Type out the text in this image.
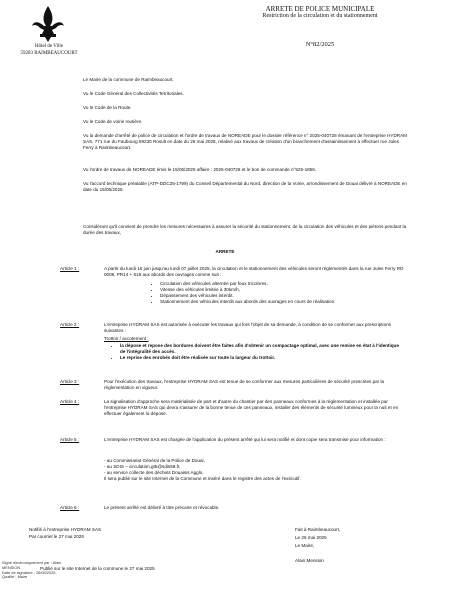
Hôtel de Ville
59283 RAIMBEAUCOURT
ARRETE DE POLICE MUNICIPALE
Restriction de la circulation et du stationnement
N°82/2025
Le Maire de la commune de Raimbeaucourt.
Vu le Code Général des Collectivités Territoriales.
Vu le Code de la Route.
Vu le Code de voirie routière.
Vu la demande d'arrêté de police de circulation et l'ordre de travaux de NOREADE pour le dossier référence n° 2025-040728 émanant de l'entreprise HYDRAM SAS, 771 rue du Faubourg 59230 Rosult en date du 26 mai 2025, relative aux travaux de création d'un branchement d'assainissement à effectuer rue Jules Ferry à Raimbeaucourt.
Vu l'ordre de travaux de NOREADE émis le 15/05/2025 affaire : 2025-040728 et le bon de commande n°525-1856.
Vu l'accord technique préalable (ATP-DDC25-1799) du Conseil Départemental du Nord, direction de la Voirie, arrondissement de Douai délivré à NOREADE en date du 15/05/2025.
Considérant qu'il convient de prendre les mesures nécessaires à assurer la sécurité du stationnement, de la circulation des véhicules et des piétons pendant la durée des travaux,
ARRETE
Article 1 :	A partir du lundi 16 juin jusqu'au lundi 07 juillet 2025, la circulation et le stationnement des véhicules seront réglementés dans la rue Jules Ferry RD 0008, PR14 + 618 aux abords des ouvrages comme suit :
• Circulation des véhicules alternée par feux tricolores,
• Vitesse des véhicules limitée à 30km/h,
• Dépassement des véhicules interdit.
• Stationnement des véhicules interdit aux abords des ouvrages en cours de réalisation.
Article 2 :	L'entreprise HYDRAM SAS est autorisée à exécuter les travaux qui font l'objet de sa demande, à condition de se conformer aux prescriptions suivantes :
Trottoir / accotement :
• la dépose et repose des bordures doivent être faites afin d'obtenir un compactage optimal, avec une remise en état à l'identique de l'intégralité des accès.
• Le reprise des enrobés doit être réalisée sur toute la largeur du trottoir.
Article 3 :	Pour l'exécution des travaux, l'entreprise HYDRAM SAS est tenue de se conformer aux mesures particulières de sécurité prescrites par la réglementation en vigueur.
Article 4 :	La signalisation d'approche sera matérialisée de part et d'autre du chantier par des panneaux conformes à la réglementation et installée par l'entreprise HYDRAM SAS qui devra s'assurer de la bonne tenue de ces panneaux, installer des éléments de sécurité lumineux pour la nuit et en effectuer également la dépose.
Article 5 :	L'entreprise HYDRAM SAS est chargée de l'application du présent arrêté qui lui sera notifié et dont copie sera transmise pour information :
- au Commissariat Général de la Police de Douai,
- au SDIS – circulation.gt5@sdis59.fr,
- au service collecte des déchets Douaisis Agglo.
Il sera publié sur le site Internet de la Commune et inséré dans le registre des actes de l'exécutif.
Article 6 :	Le présent arrêté est délivré à titre précaire et révocable.
Notifié à l'entreprise HYDRAM SAS
Par courriel le 27 mai 2025
Fait à Raimbeaucourt,
Le 26 mai 2025
Le Maire,
Alain Mension
Publié sur le site Internet de la commune le 27 mai 2025
Signé électroniquement par : Alain
MENSION
Date de signature : 26/05/2025
Qualité : Maire
